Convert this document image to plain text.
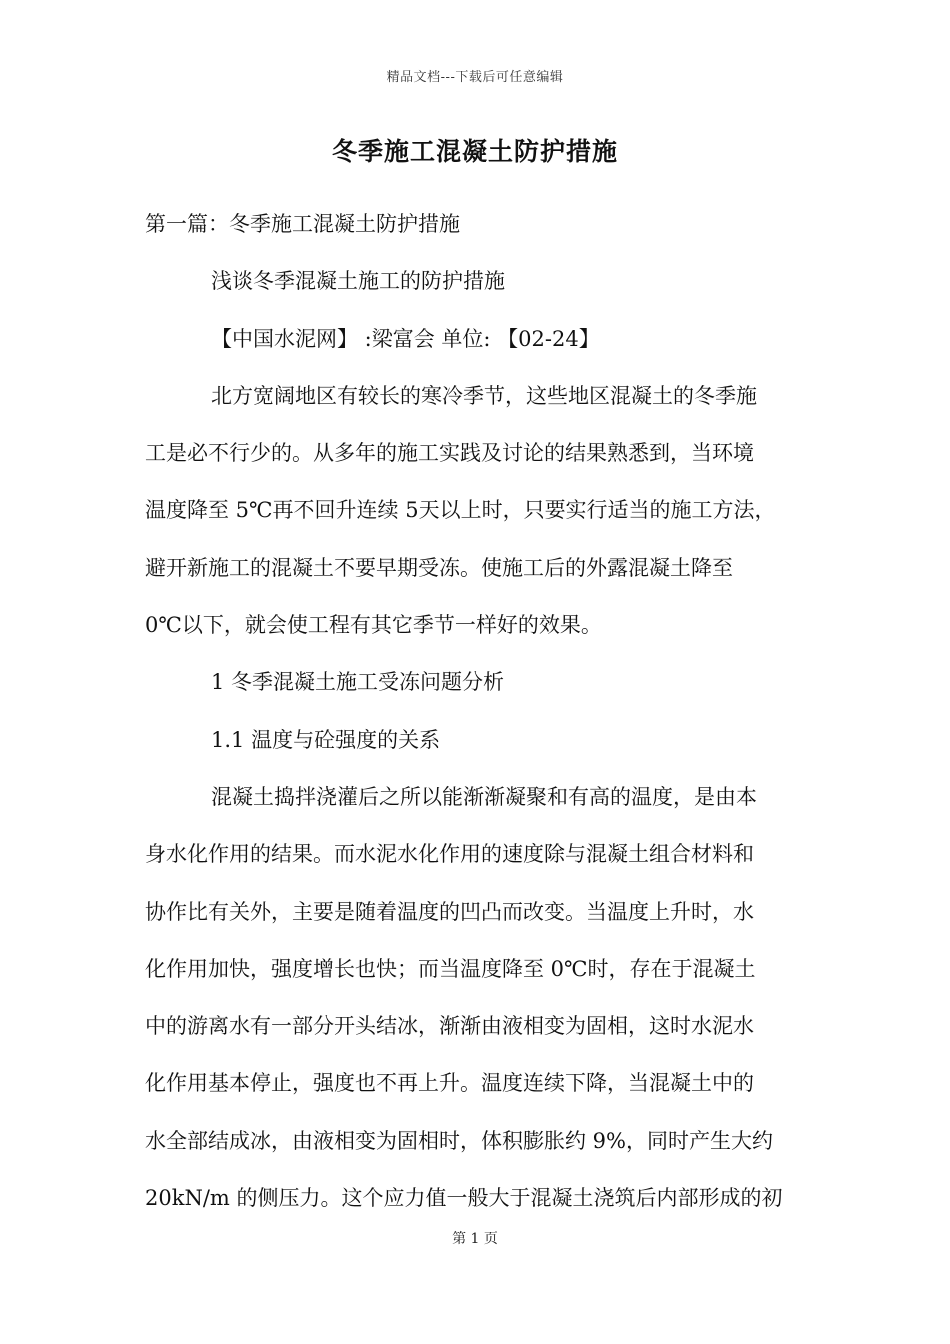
精品文档---下载后可任意编辑
冬季施工混凝土防护措施
第一篇：冬季施工混凝土防护措施
浅谈冬季混凝土施工的防护措施
【中国水泥网】 :梁富会 单位: 【02-24】
北方宽阔地区有较长的寒冷季节，这些地区混凝土的冬季施
工是必不行少的。从多年的施工实践及讨论的结果熟悉到，当环境
温度降至 5℃再不回升连续 5天以上时，只要实行适当的施工方法，
避开新施工的混凝土不要早期受冻。使施工后的外露混凝土降至
0℃以下，就会使工程有其它季节一样好的效果。
1 冬季混凝土施工受冻问题分析
1.1 温度与砼强度的关系
混凝土捣拌浇灌后之所以能渐渐凝聚和有高的温度，是由本
身水化作用的结果。而水泥水化作用的速度除与混凝土组合材料和
协作比有关外，主要是随着温度的凹凸而改变。当温度上升时，水
化作用加快，强度增长也快；而当温度降至 0℃时，存在于混凝土
中的游离水有一部分开头结冰，渐渐由液相变为固相，这时水泥水
化作用基本停止，强度也不再上升。温度连续下降，当混凝土中的
水全部结成冰，由液相变为固相时，体积膨胀约 9%，同时产生大约
20kN/m 的侧压力。这个应力值一般大于混凝土浇筑后内部形成的初
第 1 页
